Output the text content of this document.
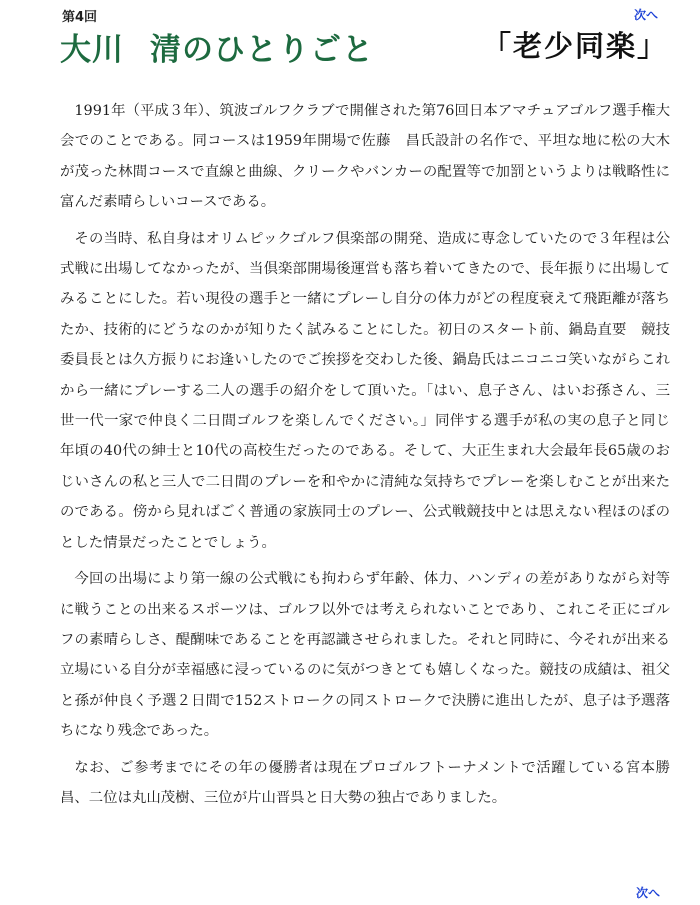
第4回	次へ
大川 清のひとりごと	「老少同楽」

1991年（平成３年）、筑波ゴルフクラブで開催された第76回日本アマチュアゴルフ選手権大会でのことである。同コースは1959年開場で佐藤　昌氏設計の名作で、平坦な地に松の大木が茂った林間コースで直線と曲線、クリークやバンカーの配置等で加罰というよりは戦略性に富んだ素晴らしいコースである。

その当時、私自身はオリムピックゴルフ倶楽部の開発、造成に専念していたので３年程は公式戦に出場してなかったが、当倶楽部開場後運営も落ち着いてきたので、長年振りに出場してみることにした。若い現役の選手と一緒にプレーし自分の体力がどの程度衰えて飛距離が落ちたか、技術的にどうなのかが知りたく試みることにした。初日のスタート前、鍋島直要　競技委員長とは久方振りにお逢いしたのでご挨拶を交わした後、鍋島氏はニコニコ笑いながらこれから一緒にプレーする二人の選手の紹介をして頂いた。「はい、息子さん、はいお孫さん、三世一代一家で仲良く二日間ゴルフを楽しんでください。」同伴する選手が私の実の息子と同じ年頃の40代の紳士と10代の高校生だったのである。そして、大正生まれ大会最年長65歳のおじいさんの私と三人で二日間のプレーを和やかに清純な気持ちでプレーを楽しむことが出来たのである。傍から見ればごく普通の家族同士のプレー、公式戦競技中とは思えない程ほのぼのとした情景だったことでしょう。

今回の出場により第一線の公式戦にも拘わらず年齢、体力、ハンディの差がありながら対等に戦うことの出来るスポーツは、ゴルフ以外では考えられないことであり、これこそ正にゴルフの素晴らしさ、醍醐味であることを再認識させられました。それと同時に、今それが出来る立場にいる自分が幸福感に浸っているのに気がつきとても嬉しくなった。競技の成績は、祖父と孫が仲良く予選２日間で152ストロークの同ストロークで決勝に進出したが、息子は予選落ちになり残念であった。

なお、ご参考までにその年の優勝者は現在プロゴルフトーナメントで活躍している宮本勝昌、二位は丸山茂樹、三位が片山晋呉と日大勢の独占でありました。

次へ
